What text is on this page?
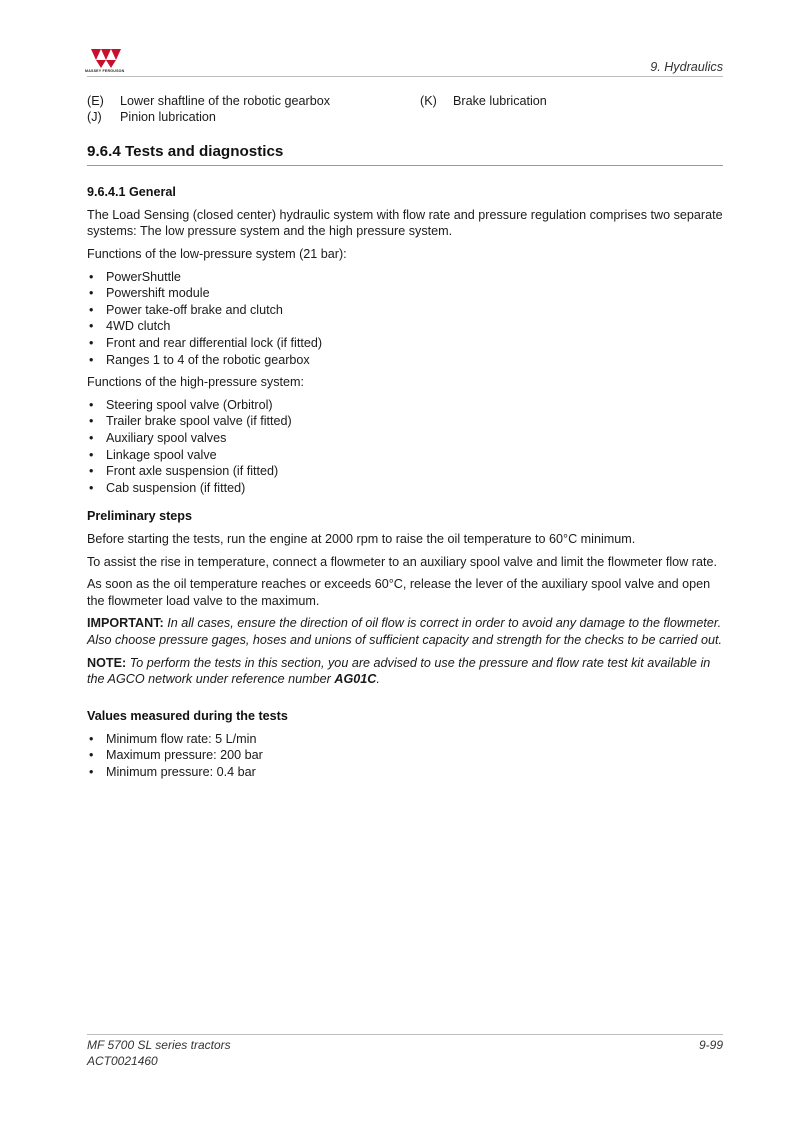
MASSEY FERGUSON	9. Hydraulics
(E) Lower shaftline of the robotic gearbox	(K) Brake lubrication
(J) Pinion lubrication
9.6.4 Tests and diagnostics
9.6.4.1 General

The Load Sensing (closed center) hydraulic system with flow rate and pressure regulation comprises two separate systems: The low pressure system and the high pressure system.

Functions of the low-pressure system (21 bar):

• PowerShuttle
• Powershift module
• Power take-off brake and clutch
• 4WD clutch
• Front and rear differential lock (if fitted)
• Ranges 1 to 4 of the robotic gearbox

Functions of the high-pressure system:

• Steering spool valve (Orbitrol)
• Trailer brake spool valve (if fitted)
• Auxiliary spool valves
• Linkage spool valve
• Front axle suspension (if fitted)
• Cab suspension (if fitted)
Preliminary steps

Before starting the tests, run the engine at 2000 rpm to raise the oil temperature to 60°C minimum.

To assist the rise in temperature, connect a flowmeter to an auxiliary spool valve and limit the flowmeter flow rate.

As soon as the oil temperature reaches or exceeds 60°C, release the lever of the auxiliary spool valve and open the flowmeter load valve to the maximum.

IMPORTANT: In all cases, ensure the direction of oil flow is correct in order to avoid any damage to the flowmeter.
Also choose pressure gages, hoses and unions of sufficient capacity and strength for the checks to be carried out.
NOTE: To perform the tests in this section, you are advised to use the pressure and flow rate test kit available in the AGCO network under reference number AG01C.
Values measured during the tests
• Minimum flow rate: 5 L/min
• Maximum pressure: 200 bar
• Minimum pressure: 0.4 bar
MF 5700 SL series tractors
ACT0021460
9-99
